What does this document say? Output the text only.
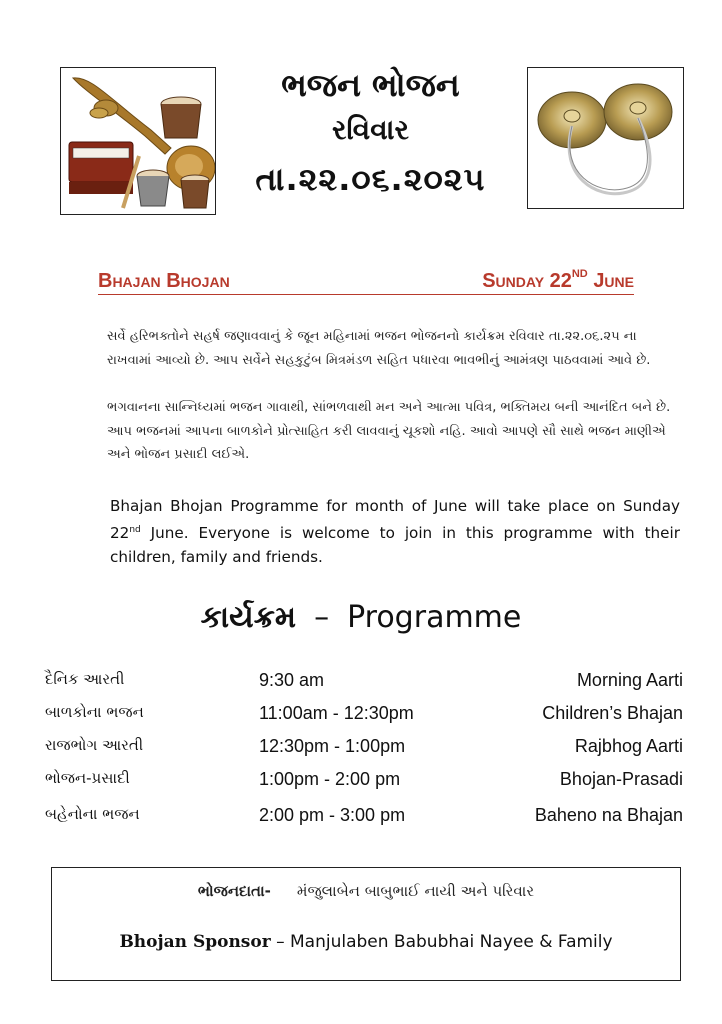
ભજન ભોજન
રવિવાર
તા.૨૨.૦૬.૨૦૨૫
Bhajan Bhojan	Sunday 22ND June

સર્વે હરિભક્તોને સહર્ષ જણાવવાનું કે જૂન મહિનામાં ભજન ભોજનનો કાર્યક્રમ રવિવાર તા.૨૨.૦૬.૨૫ ના રાખવામાં આવ્યો છે. આપ સર્વેને સહકુટુંબ મિત્રમંડળ સહિત પધારવા ભાવભીનું આમંત્રણ પાઠવવામાં આવે છે.

ભગવાનના સાન્નિધ્યમાં ભજન ગાવાથી, સાંભળવાથી મન અને આત્મા પવિત્ર, ભક્તિમય બની આનંદિત બને છે. આપ ભજનમાં આપના બાળકોને પ્રોત્સાહિત કરી લાવવાનું ચૂકશો નહિ. આવો આપણે સૌ સાથે ભજન માણીએ અને ભોજન પ્રસાદી લઈએ.

Bhajan Bhojan Programme for month of June will take place on Sunday 22nd June. Everyone is welcome to join in this programme with their children, family and friends.
કાર્યક્રમ – Programme
દૈનિક આરતી	9:30 am	Morning Aarti
બાળકોના ભજન	11:00am - 12:30pm	Children’s Bhajan
રાજભોગ આરતી	12:30pm - 1:00pm	Rajbhog Aarti
ભોજન-પ્રસાદી	1:00pm - 2:00 pm	Bhojan-Prasadi
બહેનોના ભજન	2:00 pm - 3:00 pm	Baheno na Bhajan
ભોજનદાતા- મંજુલાબેન બાબુભાઈ નાયી અને પરિવાર
Bhojan Sponsor – Manjulaben Babubhai Nayee & Family
